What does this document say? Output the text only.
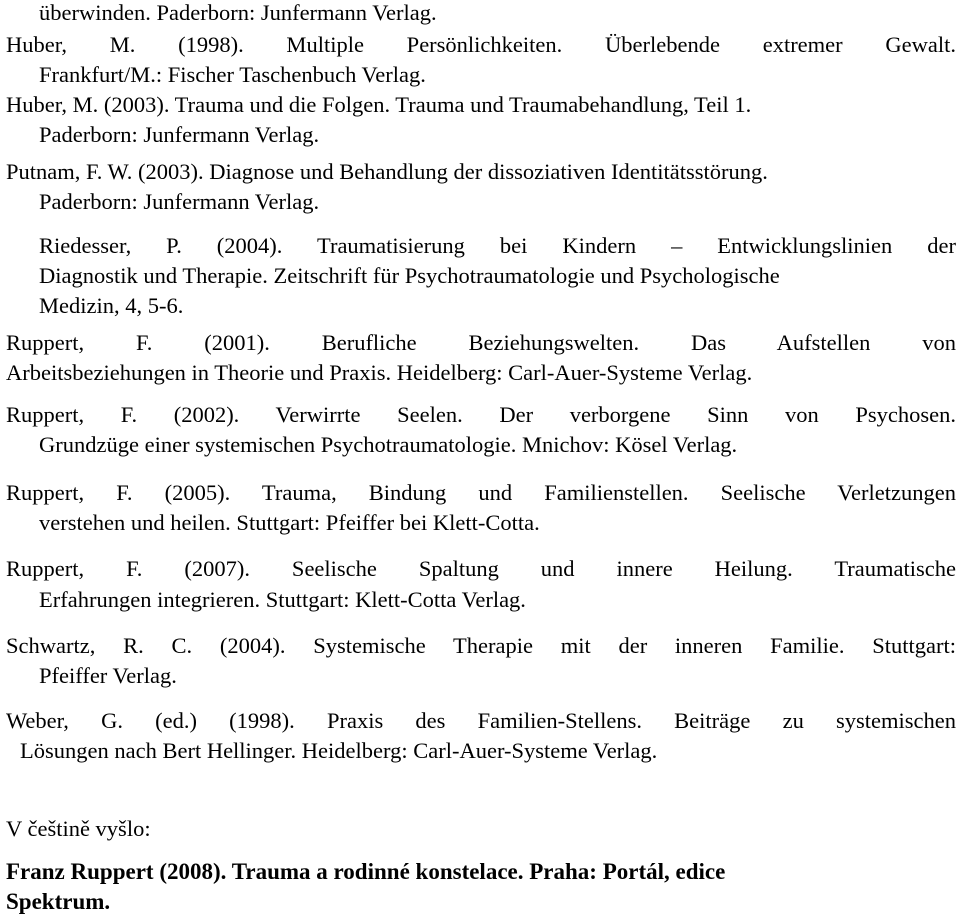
überwinden. Paderborn: Junfermann Verlag.
Huber, M. (1998). Multiple Persönlichkeiten. Überlebende extremer Gewalt.
Frankfurt/M.: Fischer Taschenbuch Verlag.
Huber, M. (2003). Trauma und die Folgen. Trauma und Traumabehandlung, Teil 1.
Paderborn: Junfermann Verlag.
Putnam, F. W. (2003). Diagnose und Behandlung der dissoziativen Identitätsstörung.
Paderborn: Junfermann Verlag.
Riedesser, P. (2004). Traumatisierung bei Kindern – Entwicklungslinien der
Diagnostik und Therapie. Zeitschrift für Psychotraumatologie und Psychologische
Medizin, 4, 5-6.
Ruppert, F. (2001). Berufliche Beziehungswelten. Das Aufstellen von
Arbeitsbeziehungen in Theorie und Praxis. Heidelberg: Carl-Auer-Systeme Verlag.
Ruppert, F. (2002). Verwirrte Seelen. Der verborgene Sinn von Psychosen.
Grundzüge einer systemischen Psychotraumatologie. Mnichov: Kösel Verlag.
Ruppert, F. (2005). Trauma, Bindung und Familienstellen. Seelische Verletzungen
verstehen und heilen. Stuttgart: Pfeiffer bei Klett-Cotta.
Ruppert, F. (2007). Seelische Spaltung und innere Heilung. Traumatische
Erfahrungen integrieren. Stuttgart: Klett-Cotta Verlag.
Schwartz, R. C. (2004). Systemische Therapie mit der inneren Familie. Stuttgart:
Pfeiffer Verlag.
Weber, G. (ed.) (1998). Praxis des Familien-Stellens. Beiträge zu systemischen
Lösungen nach Bert Hellinger. Heidelberg: Carl-Auer-Systeme Verlag.
V češtině vyšlo:
Franz Ruppert (2008). Trauma a rodinné konstelace. Praha: Portál, edice
Spektrum.
